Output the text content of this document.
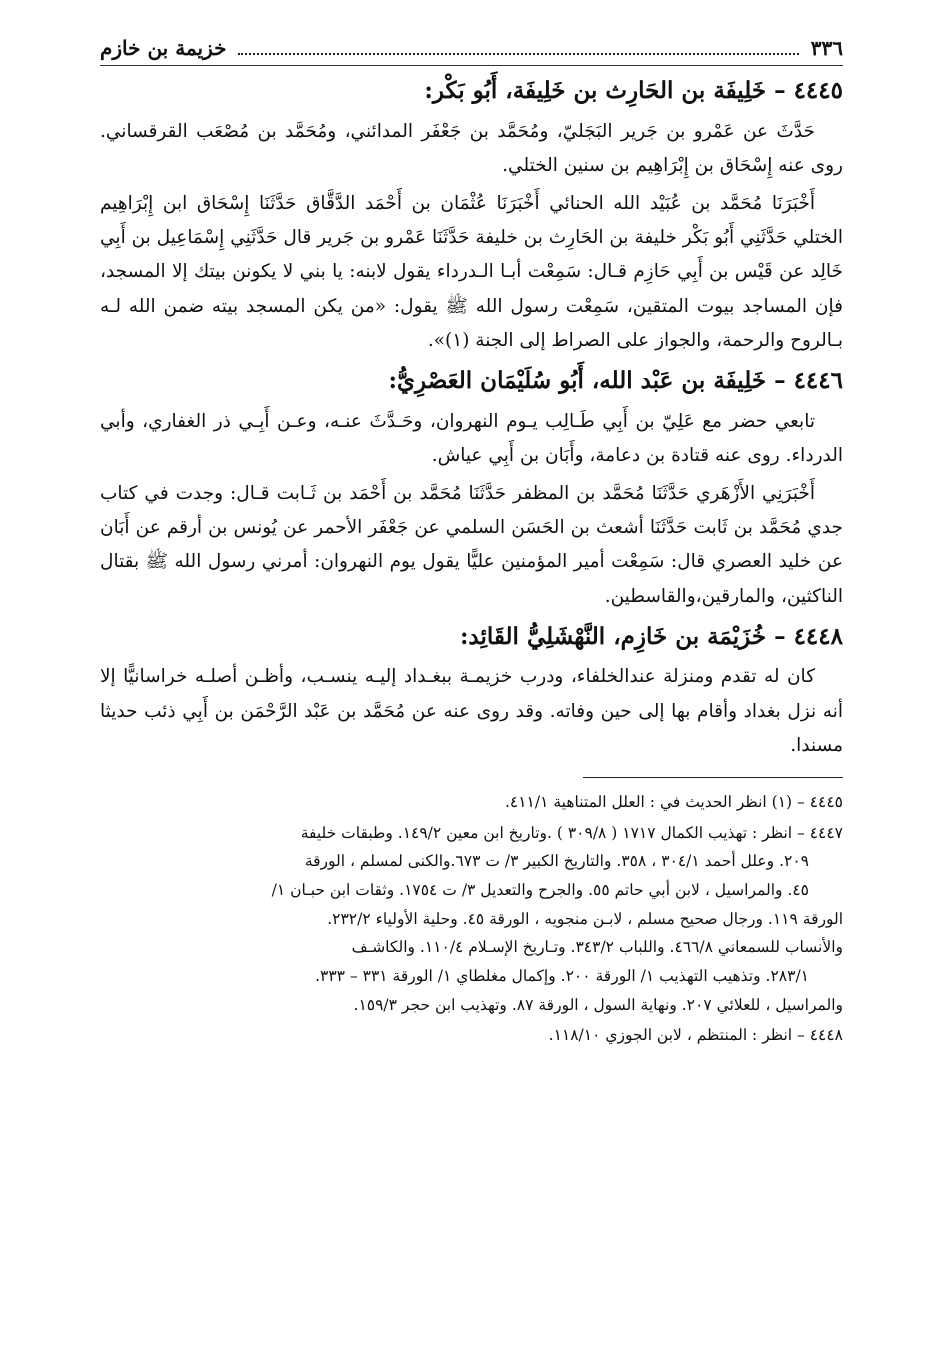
٣٣٦
خزيمة بن خازم
٤٤٤٥ – خَلِيفَة بن الحَارِث بن خَلِيفَة، أَبُو بَكْر:

حَدَّثَ عن عَمْرو بن جَرير البَجَليّ، ومُحَمَّد بن جَعْفَر المدائني، ومُحَمَّد بن مُصْعَب القرقساني. روى عنه إِسْحَاق بن إِبْرَاهِيم بن سنين الختلي.

أَخْبَرَنَا مُحَمَّد بن عُبَيْد الله الحنائي أَخْبَرَنَا عُثْمَان بن أَحْمَد الدَّقَّاق حَدَّثَنَا إِسْحَاق ابن إِبْرَاهِيم الختلي حَدَّثَنِي أَبُو بَكْر خليفة بن الحَارِث بن خليفة حَدَّثَنَا عَمْرو بن جَرير قال حَدَّثَنِي إِسْمَاعِيل بن أَبِي خَالِد عن قَيْس بن أَبِي حَازِم قـال: سَمِعْت أبـا الـدرداء يقول لابنه: يا بني لا يكونن بيتك إلا المسجد، فإن المساجد بيوت المتقين، سَمِعْت رسول الله ﷺ يقول: «من يكن المسجد بيته ضمن الله لـه بـالروح والرحمة، والجواز على الصراط إلى الجنة (١)».

٤٤٤٦ – خَلِيفَة بن عَبْد الله، أَبُو سُلَيْمَان العَصْرِيُّ:

تابعي حضر مع عَلِيّ بن أَبِي طَـالِب يـوم النهروان، وحَـدَّثَ عنـه، وعـن أَبِـي ذر الغفاري، وأبي الدرداء. روى عنه قتادة بن دعامة، وأَبَان بن أَبِي عياش.

أَخْبَرَنِي الأَزْهَري حَدَّثَنَا مُحَمَّد بن المظفر حَدَّثَنَا مُحَمَّد بن أَحْمَد بن ثَـابت قـال: وجدت في كتاب جدي مُحَمَّد بن ثَابت حَدَّثَنَا أشعث بن الحَسَن السلمي عن جَعْفَر الأحمر عن يُونس بن أرقم عن أَبَان عن خليد العصري قال: سَمِعْت أمير المؤمنين عليًّا يقول يوم النهروان: أمرني رسول الله ﷺ بقتال الناكثين، والمارقين،والقاسطين.

٤٤٤٨ – خُزَيْمَة بن خَازِم، النَّهْشَلِيُّ القَائِد:

كان له تقدم ومنزلة عندالخلفاء، ودرب خزيمـة ببغـداد إليـه ينسـب، وأظـن أصلـه خراسانيًّا إلا أنه نزل بغداد وأقام بها إلى حين وفاته. وقد روى عنه عن مُحَمَّد بن عَبْد الرَّحْمَن بن أَبِي ذئب حديثا مسندا.

٤٤٤٥ – (١) انظر الحديث في : العلل المتناهية ٤١١/١.
٤٤٤٧ – انظر : تهذيب الكمال ١٧١٧ ( ٣٠٩/٨ ) .وتاريخ ابن معين ١٤٩/٢. وطبقات خليفة
٢٠٩. وعلل أحمد ٣٠٤/١ ، ٣٥٨. والتاريخ الكبير ٣/ ت ٦٧٣.والكنى لمسلم ، الورقة
٤٥. والمراسيل ، لابن أبي حاتم ٥٥. والجرح والتعديل ٣/ ت ١٧٥٤. وثقات ابن حبـان ١/
الورقة ١١٩. ورجال صحيح مسلم ، لابـن منجويه ، الورقة ٤٥. وحلية الأولياء ٢٣٢/٢.
والأنساب للسمعاني ٤٦٦/٨. واللباب ٣٤٣/٢. وتـاريخ الإسـلام ١١٠/٤. والكاشـف
٢٨٣/١. وتذهيب التهذيب ١/ الورقة ٢٠٠. وإكمال مغلطاي ١/ الورقة ٣٣١ – ٣٣٣.
والمراسيل ، للعلائي ٢٠٧. ونهاية السول ، الورقة ٨٧. وتهذيب ابن حجر ١٥٩/٣.
٤٤٤٨ – انظر : المنتظم ، لابن الجوزي ١١٨/١٠.
